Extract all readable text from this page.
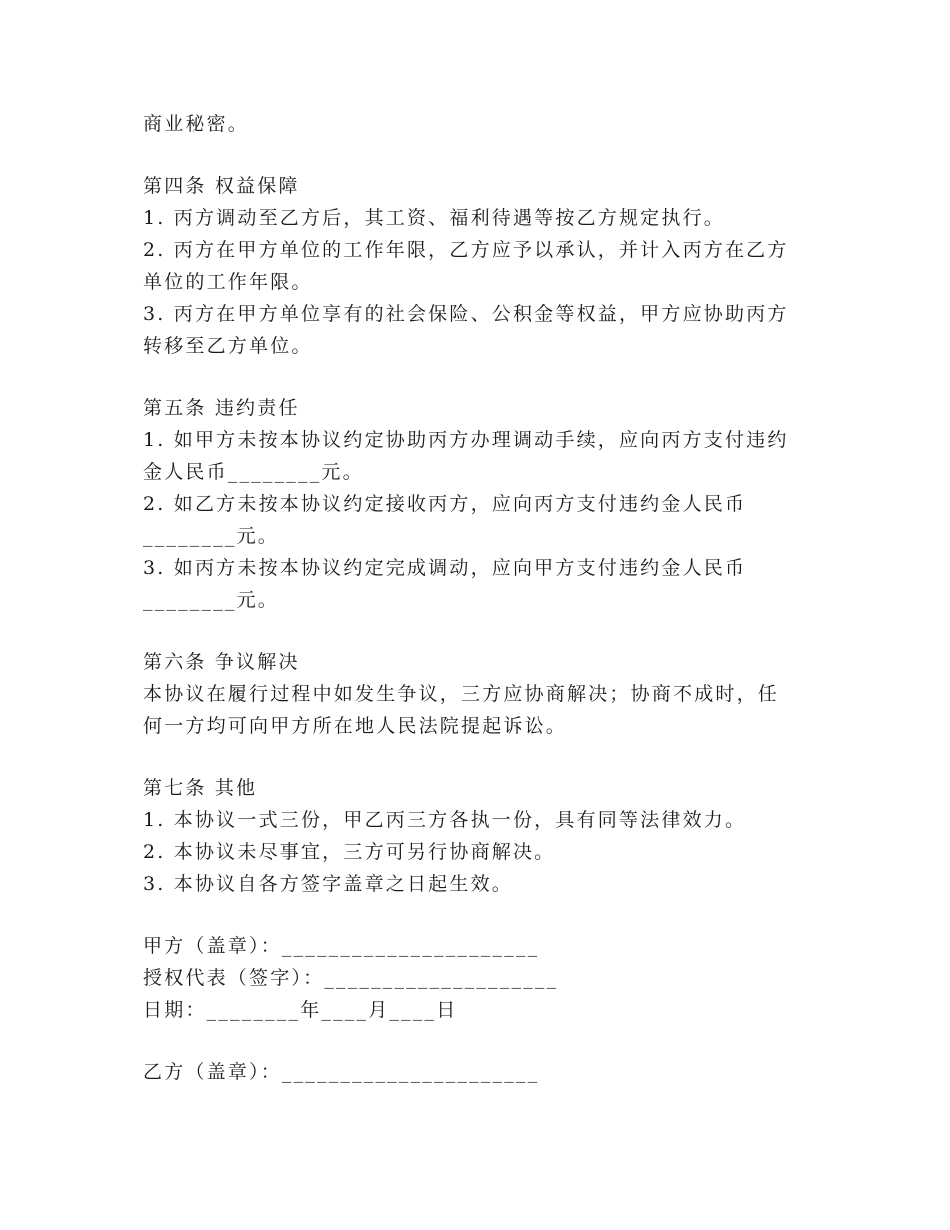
商业秘密。
第四条 权益保障
1. 丙方调动至乙方后，其工资、福利待遇等按乙方规定执行。
2. 丙方在甲方单位的工作年限，乙方应予以承认，并计入丙方在乙方
单位的工作年限。
3. 丙方在甲方单位享有的社会保险、公积金等权益，甲方应协助丙方
转移至乙方单位。
第五条 违约责任
1. 如甲方未按本协议约定协助丙方办理调动手续，应向丙方支付违约
金人民币________元。
2. 如乙方未按本协议约定接收丙方，应向丙方支付违约金人民币
________元。
3. 如丙方未按本协议约定完成调动，应向甲方支付违约金人民币
________元。
第六条 争议解决
本协议在履行过程中如发生争议，三方应协商解决；协商不成时，任
何一方均可向甲方所在地人民法院提起诉讼。
第七条 其他
1. 本协议一式三份，甲乙丙三方各执一份，具有同等法律效力。
2. 本协议未尽事宜，三方可另行协商解决。
3. 本协议自各方签字盖章之日起生效。
甲方（盖章）：______________________
授权代表（签字）：____________________
日期：________年____月____日
乙方（盖章）：______________________
